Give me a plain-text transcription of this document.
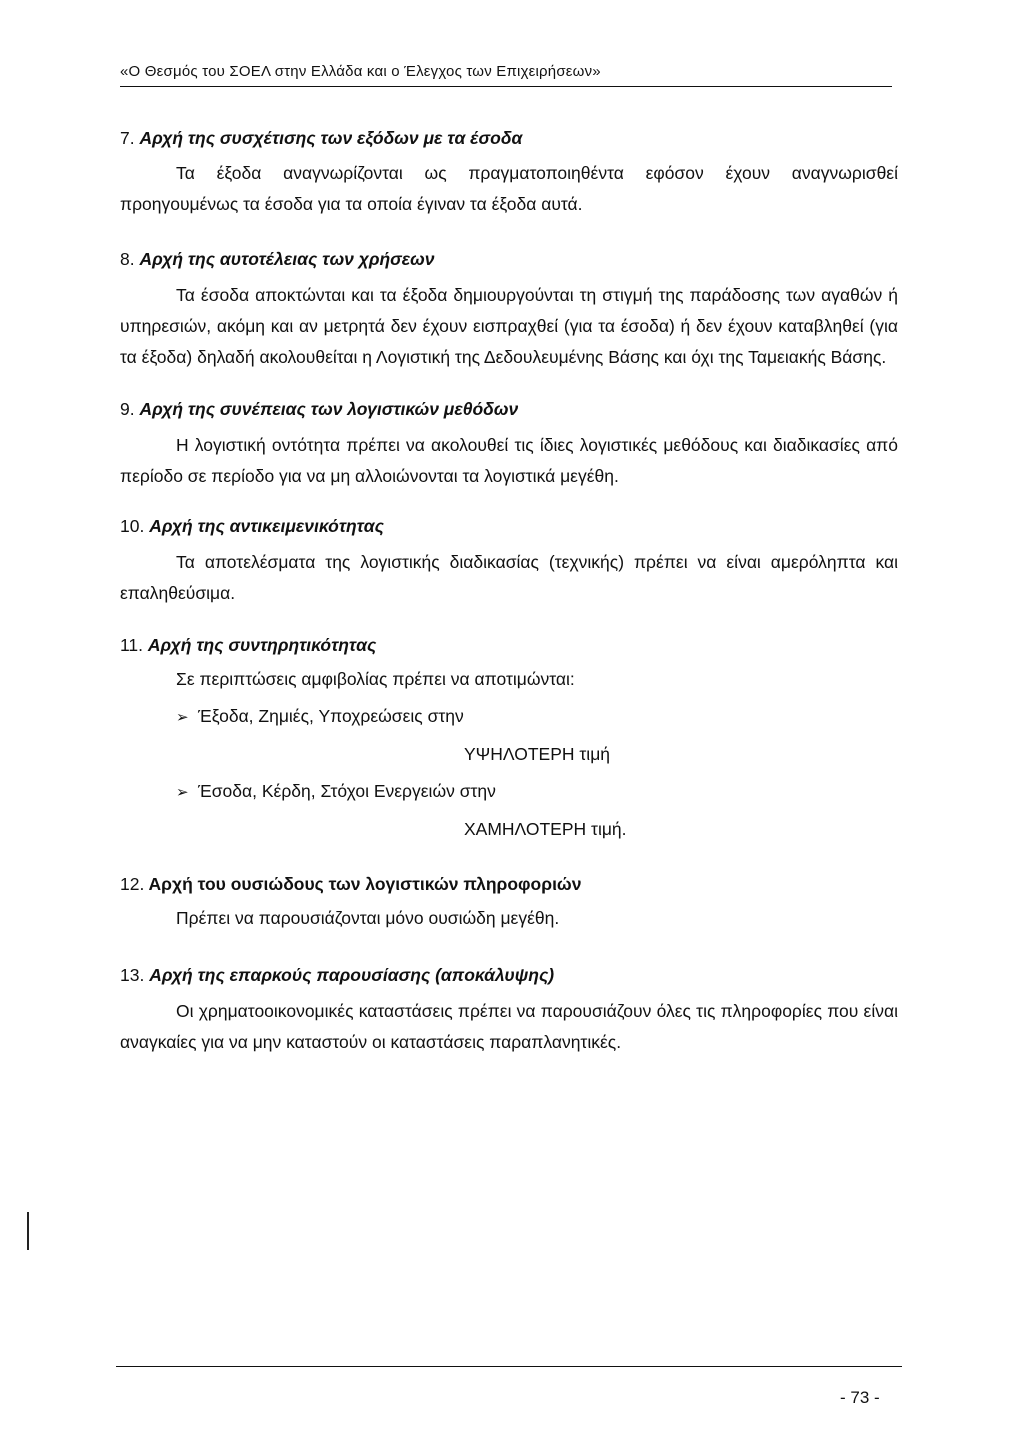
«Ο Θεσμός του ΣΟΕΛ στην Ελλάδα και ο Έλεγχος των Επιχειρήσεων»

7. Αρχή της συσχέτισης των εξόδων με τα έσοδα

Τα έξοδα αναγνωρίζονται ως πραγματοποιηθέντα εφόσον έχουν αναγνωρισθεί προηγουμένως τα έσοδα για τα οποία έγιναν τα έξοδα αυτά.

8. Αρχή της αυτοτέλειας των χρήσεων

Τα έσοδα αποκτώνται και τα έξοδα δημιουργούνται τη στιγμή της παράδοσης των αγαθών ή υπηρεσιών, ακόμη και αν μετρητά δεν έχουν εισπραχθεί (για τα έσοδα) ή δεν έχουν καταβληθεί (για τα έξοδα) δηλαδή ακολουθείται η Λογιστική της Δεδουλευμένης Βάσης και όχι της Ταμειακής Βάσης.

9. Αρχή της συνέπειας των λογιστικών μεθόδων

Η λογιστική οντότητα πρέπει να ακολουθεί τις ίδιες λογιστικές μεθόδους και διαδικασίες από περίοδο σε περίοδο για να μη αλλοιώνονται τα λογιστικά μεγέθη.

10. Αρχή της αντικειμενικότητας

Τα αποτελέσματα της λογιστικής διαδικασίας (τεχνικής) πρέπει να είναι αμερόληπτα και επαληθεύσιμα.

11. Αρχή της συντηρητικότητας

Σε περιπτώσεις αμφιβολίας πρέπει να αποτιμώνται:
➢ Έξοδα, Ζημιές, Υποχρεώσεις στην
ΥΨΗΛΟΤΕΡΗ τιμή
➢ Έσοδα, Κέρδη, Στόχοι Ενεργειών στην
ΧΑΜΗΛΟΤΕΡΗ τιμή.

12. Αρχή του ουσιώδους των λογιστικών πληροφοριών

Πρέπει να παρουσιάζονται μόνο ουσιώδη μεγέθη.

13. Αρχή της επαρκούς παρουσίασης (αποκάλυψης)

Οι χρηματοοικονομικές καταστάσεις πρέπει να παρουσιάζουν όλες τις πληροφορίες που είναι αναγκαίες για να μην καταστούν οι καταστάσεις παραπλανητικές.

- 73 -
